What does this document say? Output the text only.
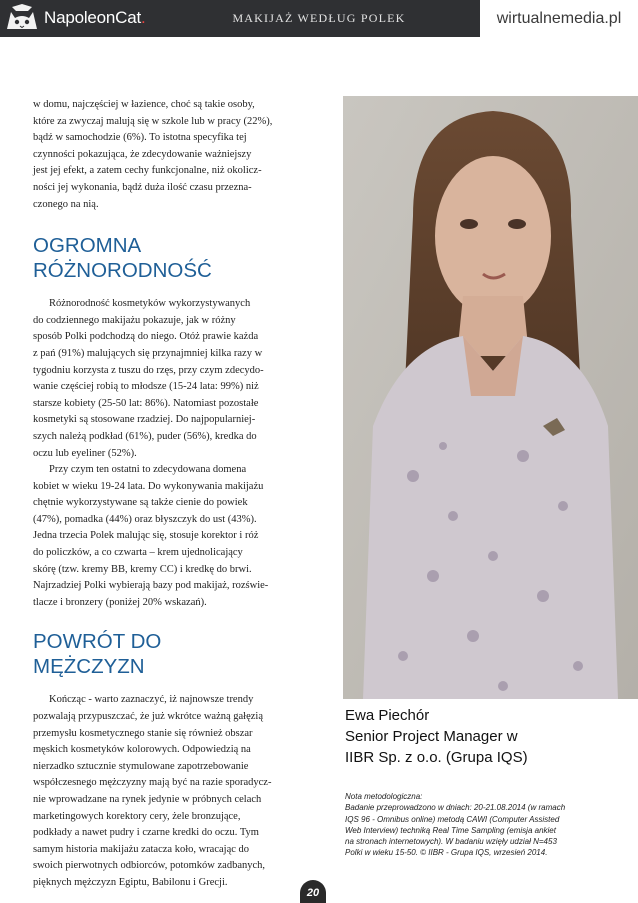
NapoleonCat.	MAKIJAŻ WEDŁUG POLEK	wirtualnemedia.pl
w domu, najczęściej w łazience, choć są takie osoby,
które za zwyczaj malują się w szkole lub w pracy (22%),
bądź w samochodzie (6%). To istotna specyfika tej
czynności pokazująca, że zdecydowanie ważniejszy
jest jej efekt, a zatem cechy funkcjonalne, niż okolicz-
ności jej wykonania, bądź duża ilość czasu przezna-
czonego na nią.
OGROMNA
RÓŻNORODNOŚĆ
Różnorodność kosmetyków wykorzystywanych
do codziennego makijażu pokazuje, jak w różny
sposób Polki podchodzą do niego. Otóż prawie każda
z pań (91%) malujących się przynajmniej kilka razy w
tygodniu korzysta z tuszu do rzęs, przy czym zdecydo-
wanie częściej robią to młodsze (15-24 lata: 99%) niż
starsze kobiety (25-50 lat: 86%). Natomiast pozostałe
kosmetyki są stosowane rzadziej. Do najpopularniej-
szych należą podkład (61%), puder (56%), kredka do
oczu lub eyeliner (52%).
Przy czym ten ostatni to zdecydowana domena
kobiet w wieku 19-24 lata. Do wykonywania makijażu
chętnie wykorzystywane są także cienie do powiek
(47%), pomadka (44%) oraz błyszczyk do ust (43%).
Jedna trzecia Polek malując się, stosuje korektor i róż
do policzków, a co czwarta – krem ujednolicający
skórę (tzw. kremy BB, kremy CC) i kredkę do brwi.
Najrzadziej Polki wybierają bazy pod makijaż, rozświe-
tlacze i bronzery (poniżej 20% wskazań).
POWRÓT DO
MĘŻCZYZN
Kończąc - warto zaznaczyć, iż najnowsze trendy
pozwalają przypuszczać, że już wkrótce ważną gałęzią
przemysłu kosmetycznego stanie się również obszar
męskich kosmetyków kolorowych. Odpowiedzią na
nierzadko sztucznie stymulowane zapotrzebowanie
współczesnego mężczyzny mają być na razie sporadycz-
nie wprowadzane na rynek jedynie w próbnych celach
marketingowych korektory cery, żele bronzujące,
podkłady a nawet pudry i czarne kredki do oczu. Tym
samym historia makijażu zatacza koło, wracając do
swoich pierwotnych odbiorców, potomków zadbanych,
pięknych mężczyzn Egiptu, Babilonu i Grecji.
Ewa Piechór
Senior Project Manager w
IIBR Sp. z o.o. (Grupa IQS)
Nota metodologiczna:
Badanie przeprowadzono w dniach: 20-21.08.2014 (w ramach
IQS 96 - Omnibus online) metodą CAWI (Computer Assisted
Web Interview) techniką Real Time Sampling (emisja ankiet
na stronach internetowych). W badaniu wzięły udział N=453
Polki w wieku 15-50. © IIBR - Grupa IQS, wrzesień 2014.
20
